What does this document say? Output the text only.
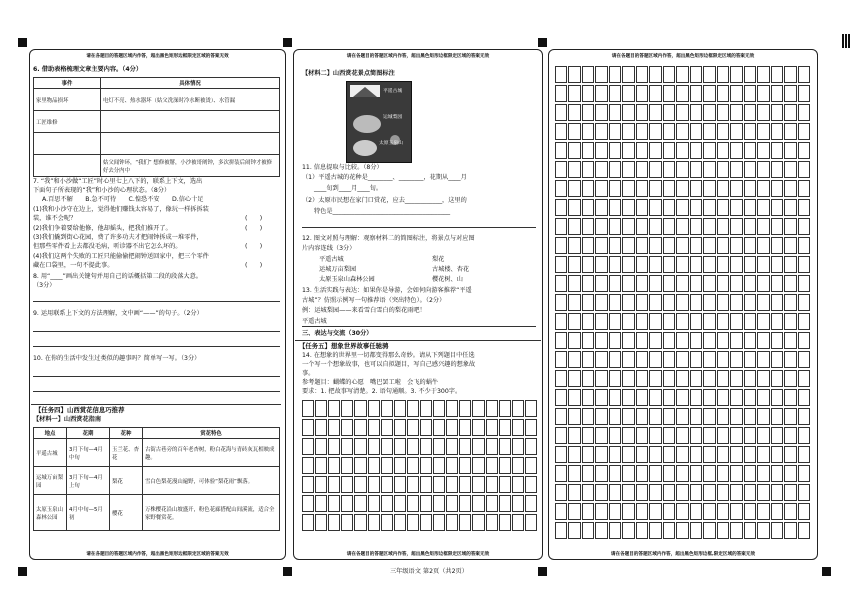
请在各题目的答题区域内作答，超出黑色矩形边框限定区域的答案无效
6. 借助表格梳理文章主要内容。（4分）
事件	具体情况
家里物品损坏	电灯不亮、热水器坏（姑父洗澡时冷水断被烫）、水管漏
工匠维修	

	姑父闻钟环，“我们” 想修被掰，小沙被哥阐钟，多次拼装后闹钟才被修好去分内中
7. “我”和小沙做“工匠”时心里七上八下的，联系上下文，选出
下面句子所表现的“我”和小沙的心理状态。（8分）
A.百思不解　　B.急不可待　　C.惶恐不安　　D.信心十足
(1)我和小沙守在边上，觉得他们赚钱太容易了，像玩一样拆拆装
装，谁不会呢？	(　　)
(2)我们争着要给他修，他却摇头，把我们推开了。	(　　)
(3)我们撬到街心花园，费了许多功夫才把闹钟拆成一堆零件，
但那些零件看上去都没毛病，听诊器不出它怎么坏的。	(　　)
(4)我们这两个失败的工匠只能偷偷把闹钟送回家中，把三个零件
藏在口袋里，一句不提此事。	(　　)
8. 用“____”画出关键句并用自己的话概括第二段的段落大意。
（3分）
9. 运用联系上下文的方法理解，文中画“——”的句子。（2分）
10. 在你的生活中发生过类似的趣事吗？简单写一写。（3分）
【任务四】山西赏花信息巧推荐
【材料一】山西赏花指南
地点	花期	花种	赏花特色
平遥古城	3月下旬—4月中旬	玉兰花、杏花	古街古巷旁的百年老杏树，粉白花海与青砖灰瓦相映成趣。
运城万亩梨园	3月下旬—4月上旬	梨花	雪白色梨花漫山遍野，可体验“梨花雨”飘落。
太原玉泉山森林公园	4月中旬—5月初	樱花	万株樱花沿山坡盛开，粉色花廊搭配山间溪流，适合全家野餐赏花。
请在各题目的答题区域内作答，超出黑色矩形边框限定区域的答案无效
请在各题目的答题区域内作答，超出黑色矩形边框限定区域的答案无效
【材料二】山西赏花景点简图标注
平遥古城
运城梨园
太原玉泉山
11. 信息提取与比较。（8分）
（1）平遥古城的花种是________、________，花期从____月
____旬到____月____旬。
（2）太原市民想在家门口赏花，应去____________，这里的
特色是______________________________________
12. 图文对照与理解：观察材料二的简图标注，将景点与对应图
片内容连线（3分）
平遥古城
运城万亩梨园
太原玉泉山森林公园
梨花
古城楼、杏花
樱花树、山
13. 生活实践与表达：如果你是导游，会如何向游客推荐“平遥
古城”？仿照示例写一句推荐语（突出特色）。（2分）
例：运城梨园——来看雪白雪白的梨花雨吧！
平遥古城
三、表达与交流（30分）
【任务五】想象世界故事任驰骋
14. 在想象的世界里一切都变得那么奇妙。请从下列题目中任选
一个写一个想象故事，也可以自拟题目，写自己感兴趣的想象故
事。
参考题目：蝴蝶的心愿　嘴巴罢工啦　会飞的蜗牛
要求：1. 把故事写清楚。2. 语句通顺。3. 不少于300字。
请在各题目的答题区域内作答，超出黑色矩形边框限定区域的答案无效
请在各题目的答题区域内作答，超出黑色矩形边框限定区域的答案无效
请在各题目的答题区域内作答，超出黑色矩形边框,限定区域的答案无效
三年级语文 第2页（共2页）
